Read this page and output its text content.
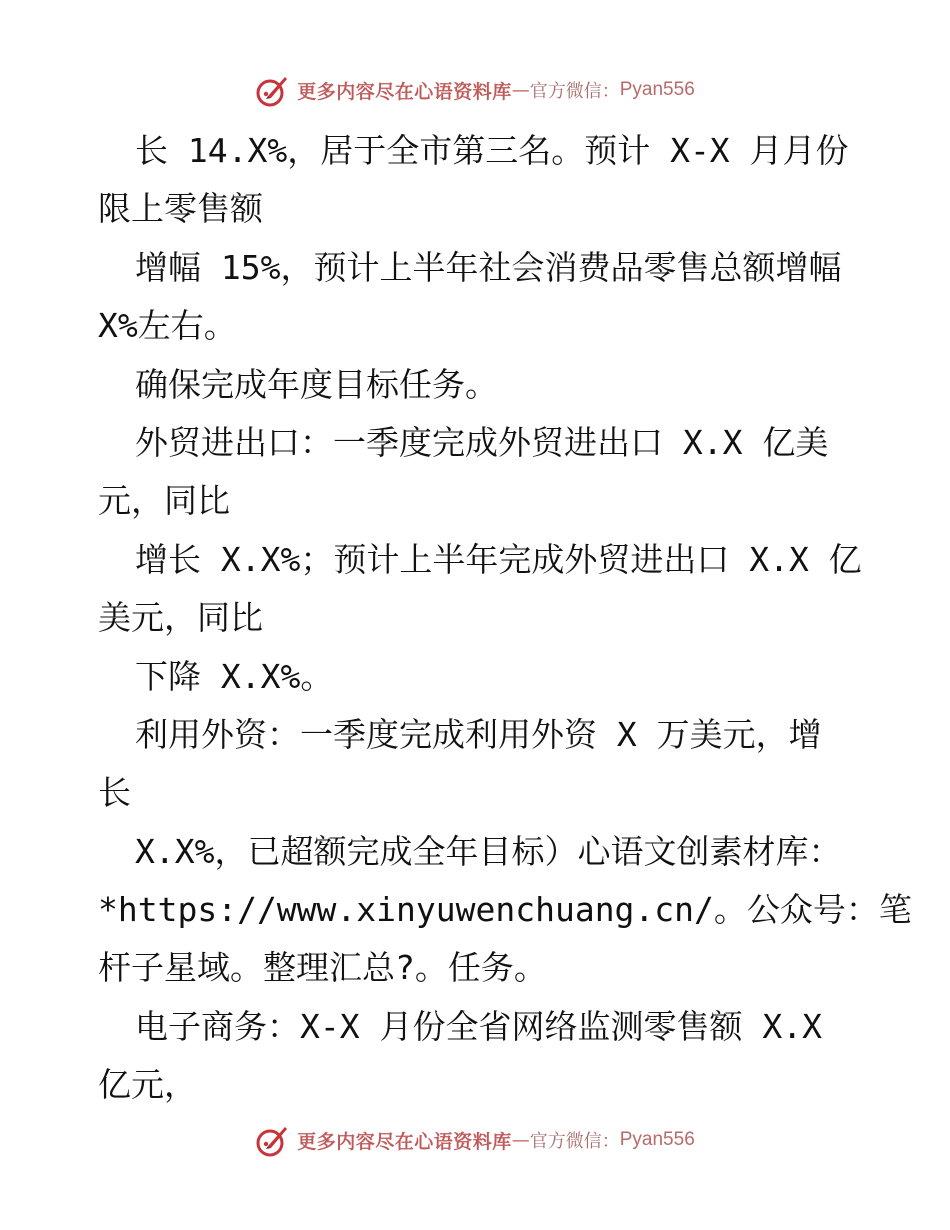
更多内容尽在心语资料库 — 官方微信： Pyan556
长 14.X%，居于全市第三名。预计 X-X 月月份
限上零售额
增幅 15%，预计上半年社会消费品零售总额增幅
X%左右。
确保完成年度目标任务。
外贸进出口：一季度完成外贸进出口 X.X 亿美
元，同比
增长 X.X%；预计上半年完成外贸进出口 X.X 亿
美元，同比
下降 X.X%。
利用外资：一季度完成利用外资 X 万美元，增
长
X.X%，已超额完成全年目标）心语文创素材库：
*https://www.xinyuwenchuang.cn/。公众号：笔
杆子星域。整理汇总?。任务。
电子商务：X-X 月份全省网络监测零售额 X.X
亿元，
更多内容尽在心语资料库 — 官方微信： Pyan556
